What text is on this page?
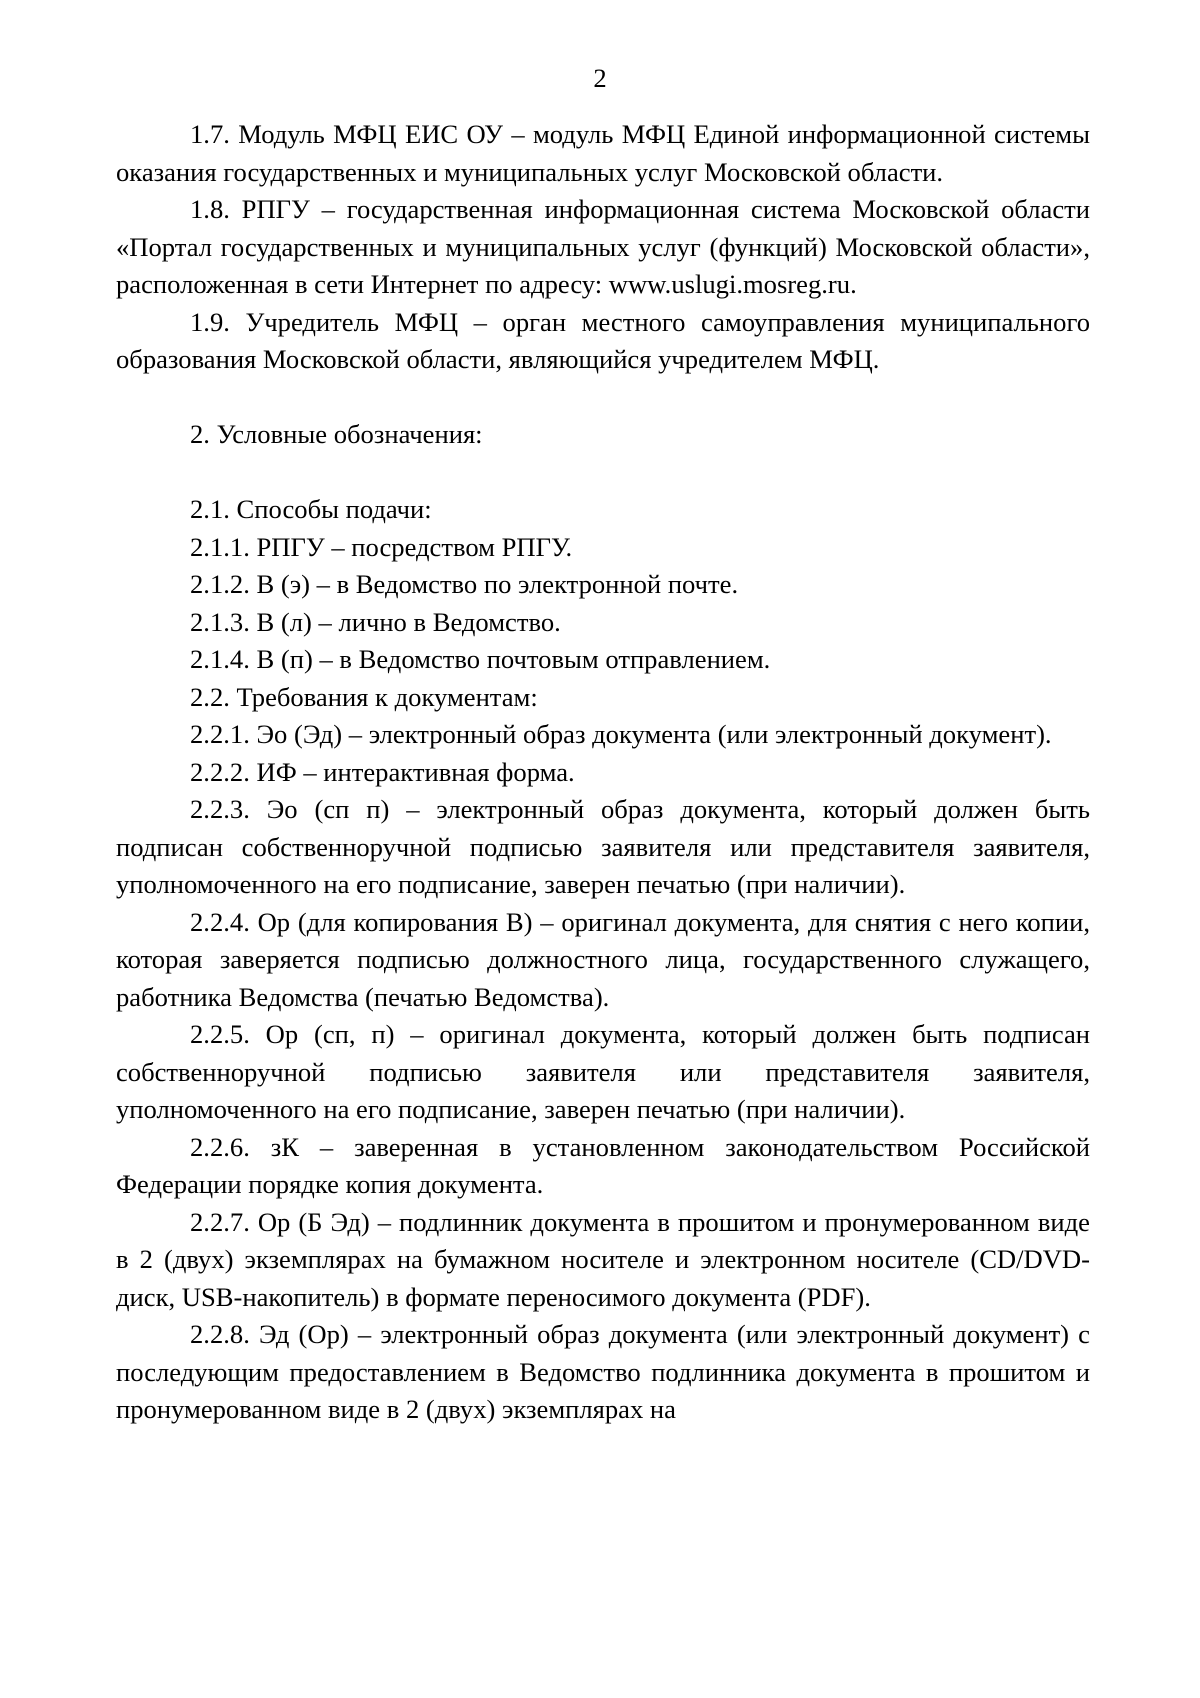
2

1.7. Модуль МФЦ ЕИС ОУ – модуль МФЦ Единой информационной системы оказания государственных и муниципальных услуг Московской области.

1.8. РПГУ – государственная информационная система Московской области «Портал государственных и муниципальных услуг (функций) Московской области», расположенная в сети Интернет по адресу: www.uslugi.mosreg.ru.

1.9. Учредитель МФЦ – орган местного самоуправления муниципального образования Московской области, являющийся учредителем МФЦ.

2. Условные обозначения:

2.1. Способы подачи:

2.1.1. РПГУ – посредством РПГУ.

2.1.2. В (э) – в Ведомство по электронной почте.

2.1.3. В (л) – лично в Ведомство.

2.1.4. В (п) – в Ведомство почтовым отправлением.

2.2. Требования к документам:

2.2.1. Эо (Эд) – электронный образ документа (или электронный документ).

2.2.2. ИФ – интерактивная форма.

2.2.3. Эо (сп п) – электронный образ документа, который должен быть подписан собственноручной подписью заявителя или представителя заявителя, уполномоченного на его подписание, заверен печатью (при наличии).

2.2.4. Ор (для копирования В) – оригинал документа, для снятия с него копии, которая заверяется подписью должностного лица, государственного служащего, работника Ведомства (печатью Ведомства).

2.2.5. Ор (сп, п) – оригинал документа, который должен быть подписан собственноручной подписью заявителя или представителя заявителя, уполномоченного на его подписание, заверен печатью (при наличии).

2.2.6. зК – заверенная в установленном законодательством Российской Федерации порядке копия документа.

2.2.7. Ор (Б Эд) – подлинник документа в прошитом и пронумерованном виде в 2 (двух) экземплярах на бумажном носителе и электронном носителе (CD/DVD-диск, USB-накопитель) в формате переносимого документа (PDF).

2.2.8. Эд (Ор) – электронный образ документа (или электронный документ) с последующим предоставлением в Ведомство подлинника документа в прошитом и пронумерованном виде в 2 (двух) экземплярах на
